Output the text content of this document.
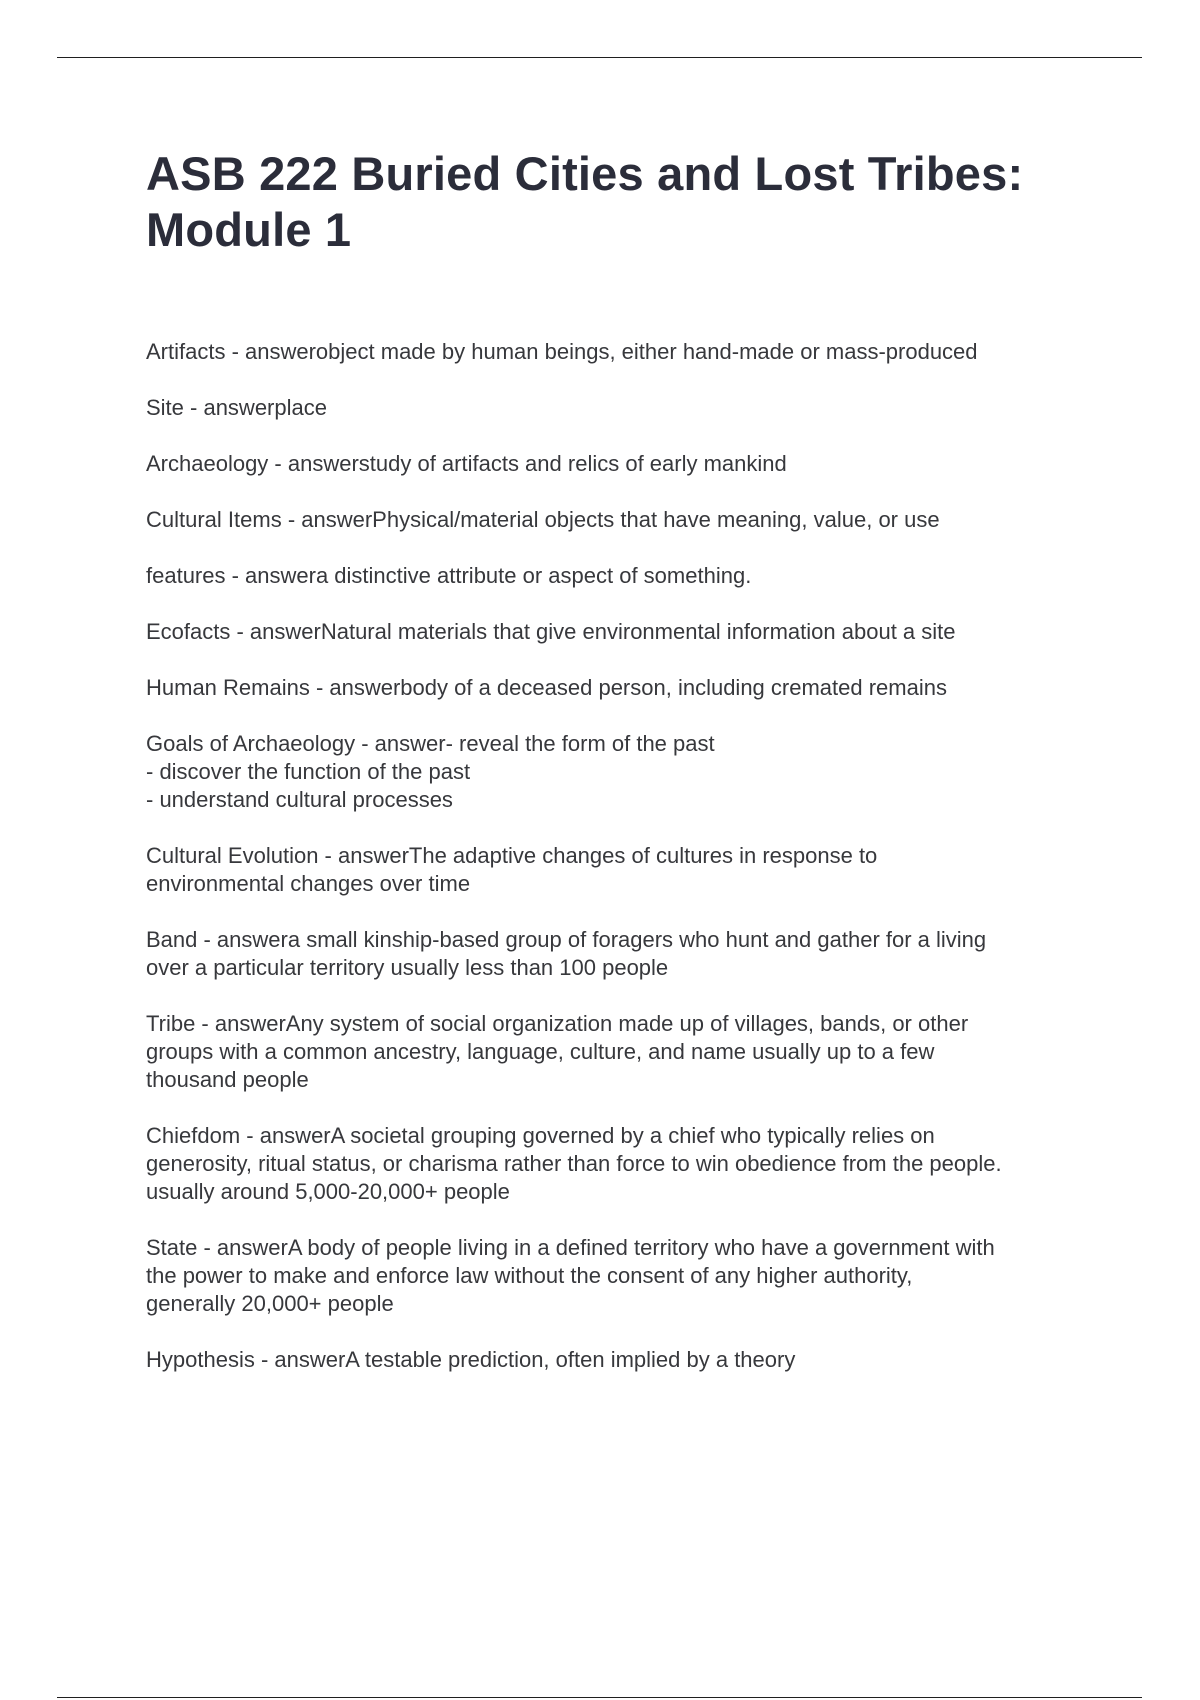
ASB 222 Buried Cities and Lost Tribes:
Module 1

Artifacts - answerobject made by human beings, either hand-made or mass-produced

Site - answerplace

Archaeology - answerstudy of artifacts and relics of early mankind

Cultural Items - answerPhysical/material objects that have meaning, value, or use

features - answera distinctive attribute or aspect of something.

Ecofacts - answerNatural materials that give environmental information about a site

Human Remains - answerbody of a deceased person, including cremated remains

Goals of Archaeology - answer- reveal the form of the past
- discover the function of the past
- understand cultural processes

Cultural Evolution - answerThe adaptive changes of cultures in response to
environmental changes over time

Band - answera small kinship-based group of foragers who hunt and gather for a living
over a particular territory usually less than 100 people

Tribe - answerAny system of social organization made up of villages, bands, or other
groups with a common ancestry, language, culture, and name usually up to a few
thousand people

Chiefdom - answerA societal grouping governed by a chief who typically relies on
generosity, ritual status, or charisma rather than force to win obedience from the people.
usually around 5,000-20,000+ people

State - answerA body of people living in a defined territory who have a government with
the power to make and enforce law without the consent of any higher authority,
generally 20,000+ people

Hypothesis - answerA testable prediction, often implied by a theory
